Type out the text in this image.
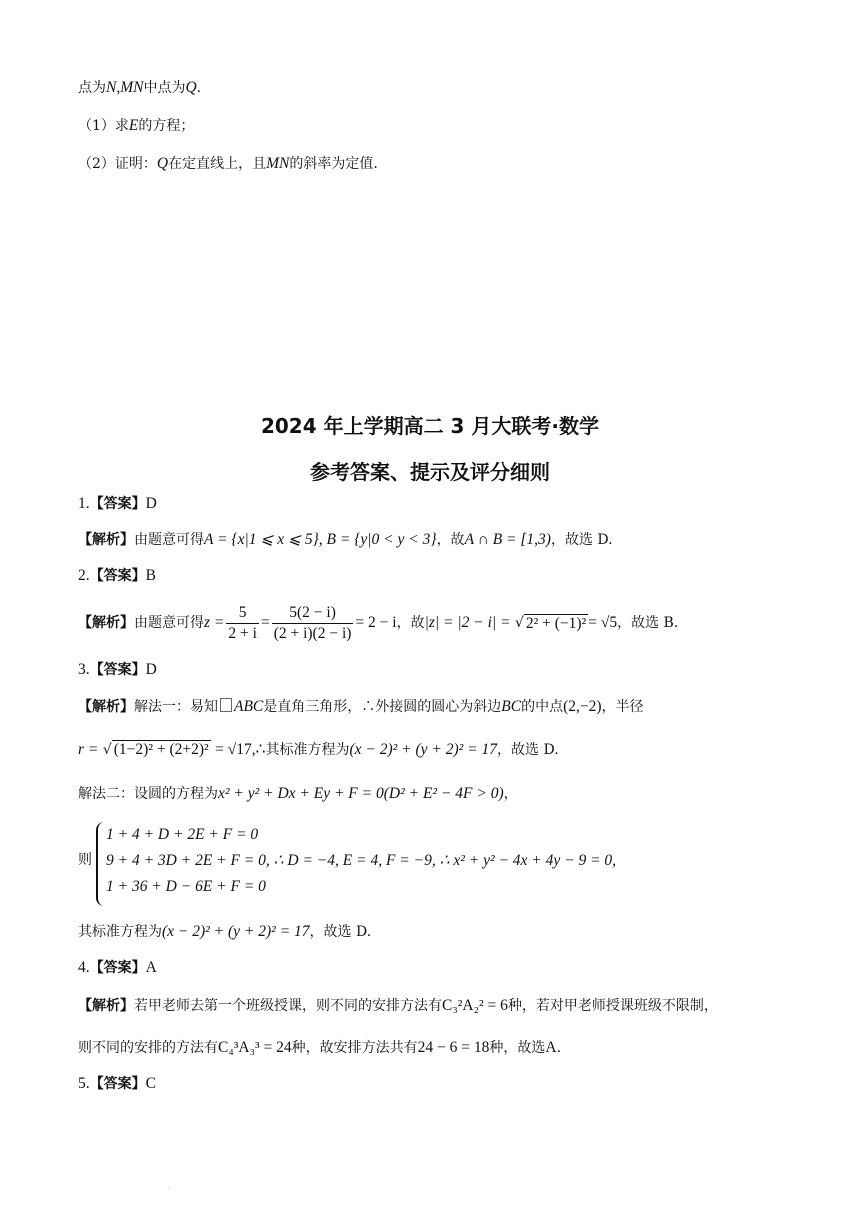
点为N,MN中点为Q.
（1）求E的方程；
（2）证明：Q在定直线上，且MN的斜率为定值.
2024 年上学期高二 3 月大联考·数学
参考答案、提示及评分细则
1.【答案】D
【解析】由题意可得A = {x|1 ⩽ x ⩽ 5}, B = {y|0 < y < 3}，故A ∩ B = [1,3)，故选 D.
2.【答案】B
【解析】 由题意可得 $z = \frac{5}{2 + i} = \frac{5(2 - i)}{(2 + i)(2 - i)} = 2 - i$ ，故 |z| = |2 − i| = √ 2² + (−1)² = √5 ，故选 B.
3.【答案】D
【解析】解法一：易知 ABC是直角三角形，∴外接圆的圆心为斜边BC的中点(2,−2)，半径
r = √ (1−2)² + (2+2)² = √17,∴其标准方程为(x − 2)² + (y + 2)² = 17，故选 D.
解法二：设圆的方程为x² + y² + Dx + Ey + F = 0(D² + E² − 4F > 0)，
则
1 + 4 + D + 2E + F = 0
9 + 4 + 3D + 2E + F = 0, ∴ D = −4, E = 4, F = −9, ∴ x² + y² − 4x + 4y − 9 = 0,
1 + 36 + D − 6E + F = 0
其标准方程为(x − 2)² + (y + 2)² = 17，故选 D.
4.【答案】A
【解析】若甲老师去第一个班级授课，则不同的安排方法有C₃²A₂² = 6种，若对甲老师授课班级不限制，
则不同的安排的方法有C₄³A₃³ = 24种，故安排方法共有24 − 6 = 18种，故选A.
5.【答案】C
·
